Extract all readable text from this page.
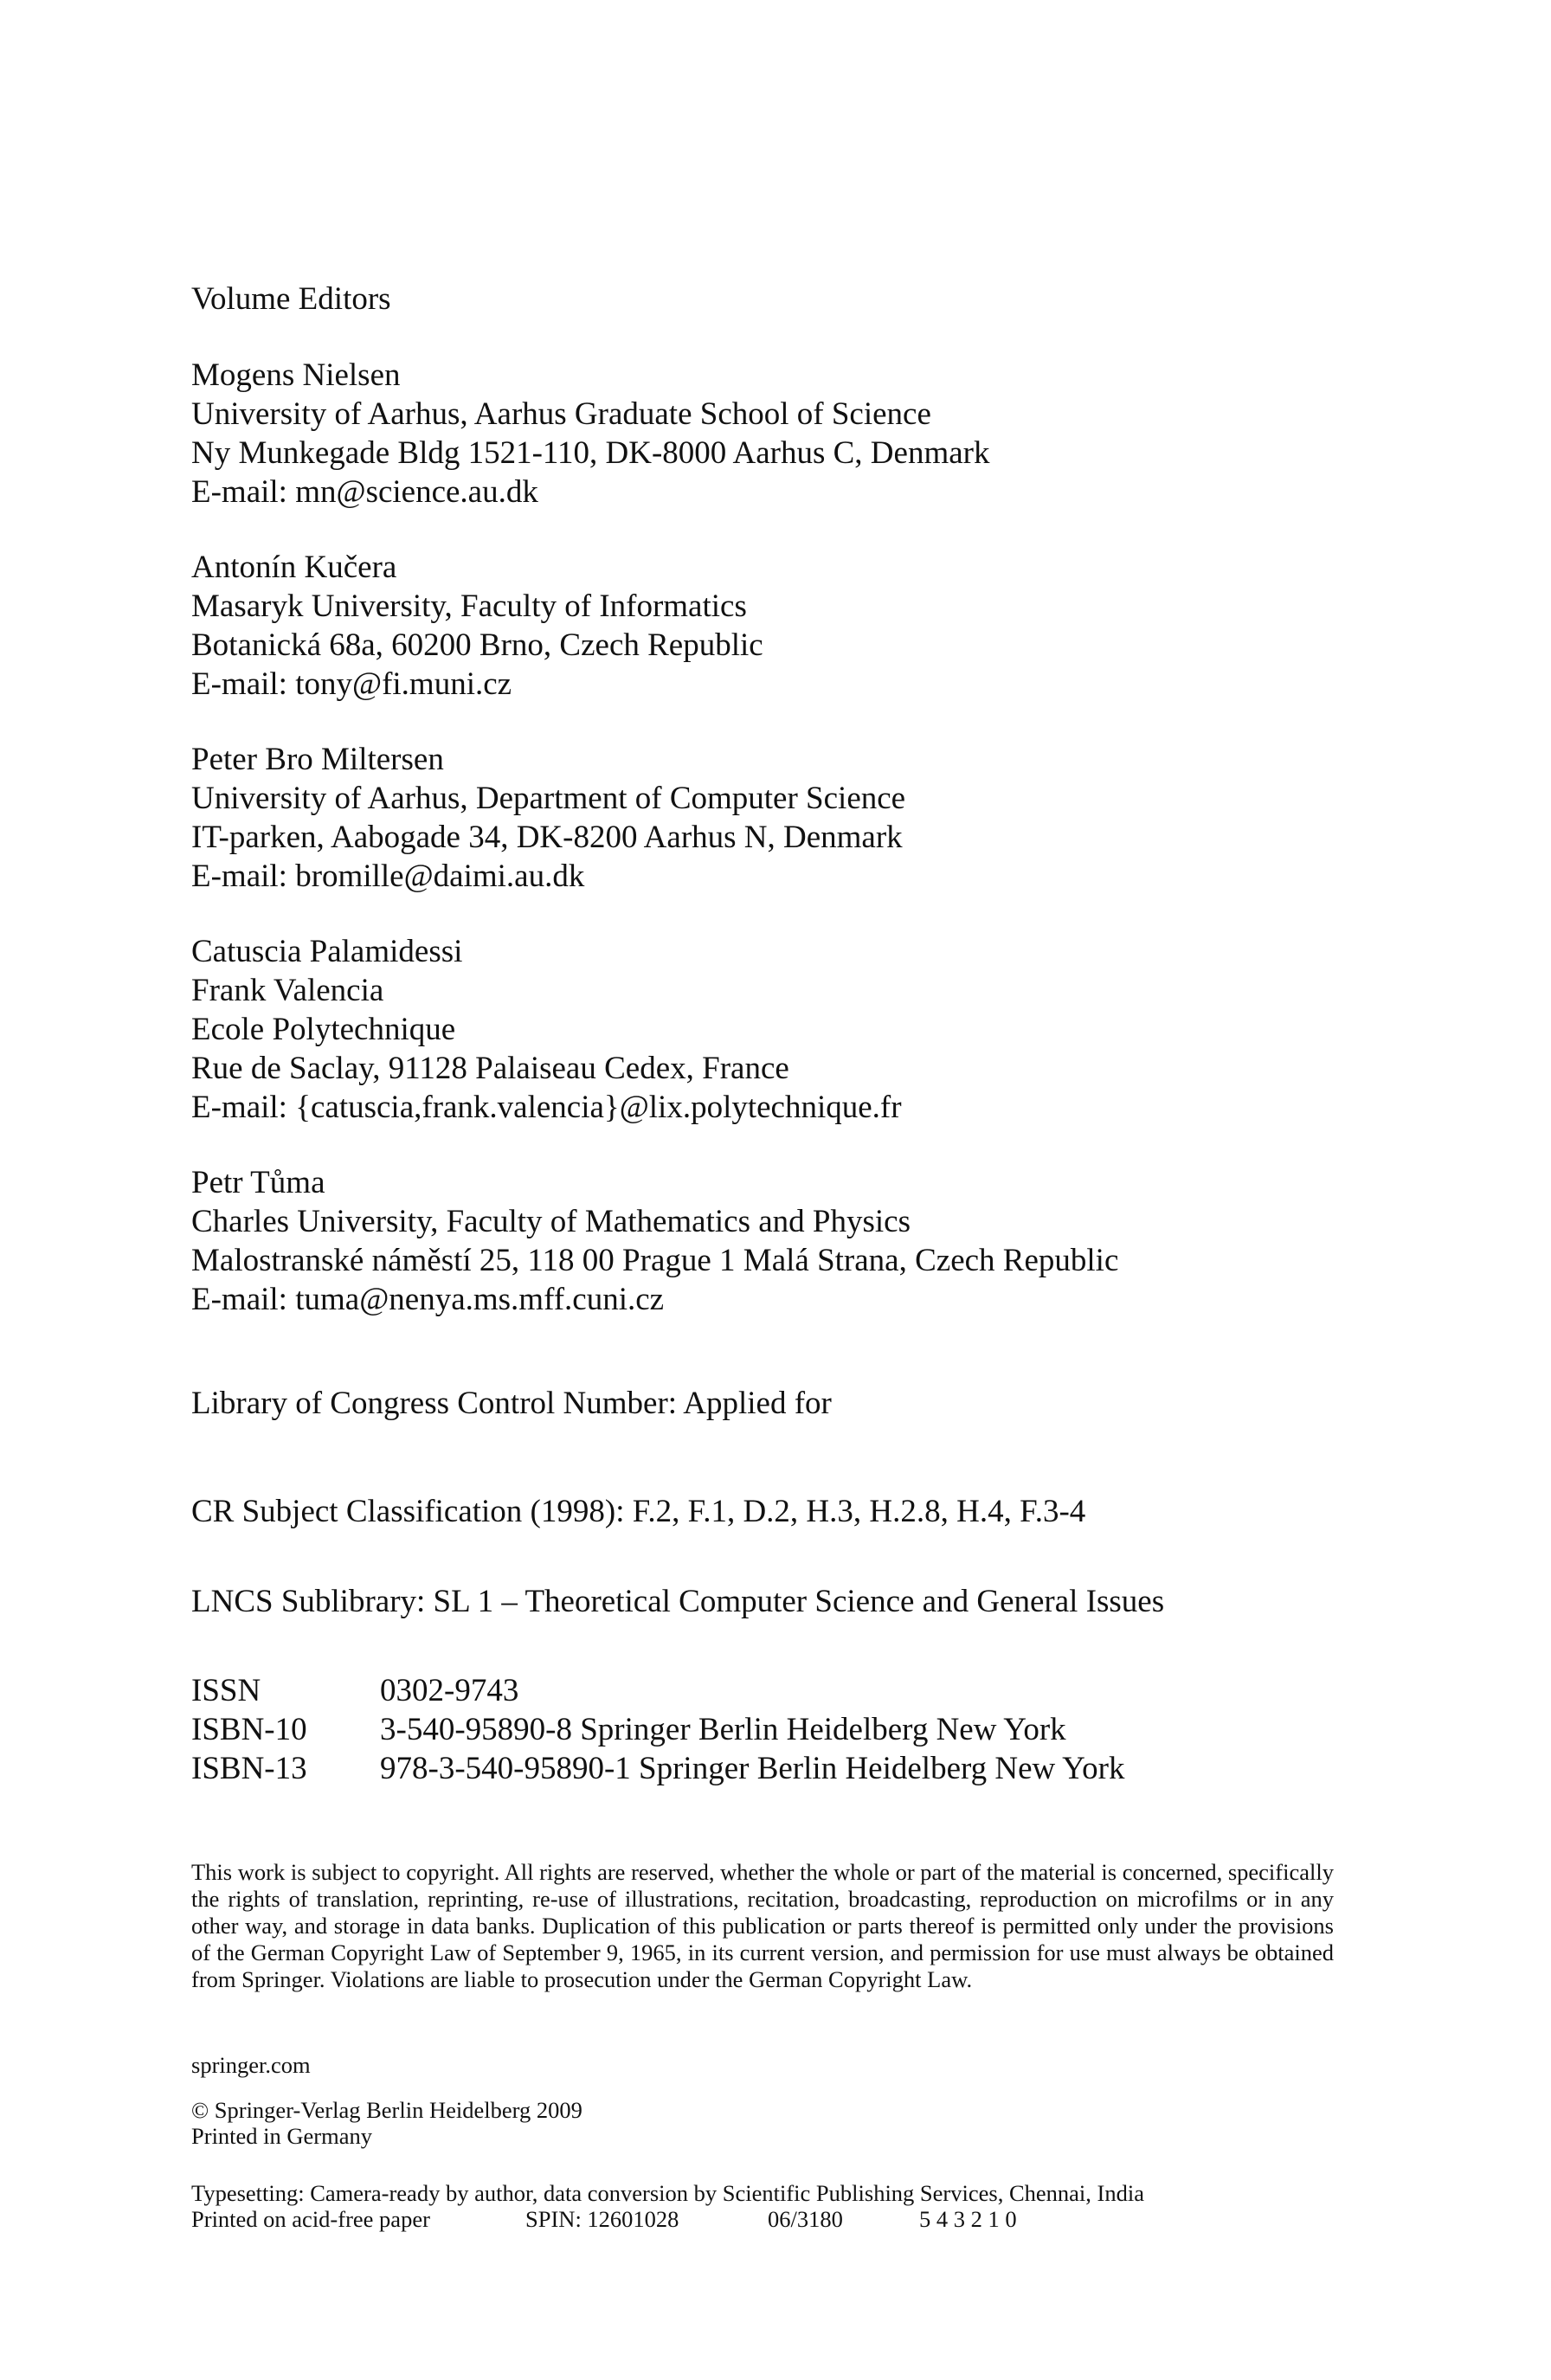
Volume Editors
Mogens Nielsen
University of Aarhus, Aarhus Graduate School of Science
Ny Munkegade Bldg 1521-110, DK-8000 Aarhus C, Denmark
E-mail: mn@science.au.dk
Antonín Kučera
Masaryk University, Faculty of Informatics
Botanická 68a, 60200 Brno, Czech Republic
E-mail: tony@fi.muni.cz
Peter Bro Miltersen
University of Aarhus, Department of Computer Science
IT-parken, Aabogade 34, DK-8200 Aarhus N, Denmark
E-mail: bromille@daimi.au.dk
Catuscia Palamidessi
Frank Valencia
Ecole Polytechnique
Rue de Saclay, 91128 Palaiseau Cedex, France
E-mail: {catuscia,frank.valencia}@lix.polytechnique.fr
Petr Tůma
Charles University, Faculty of Mathematics and Physics
Malostranské náměstí 25, 118 00 Prague 1 Malá Strana, Czech Republic
E-mail: tuma@nenya.ms.mff.cuni.cz
Library of Congress Control Number: Applied for
CR Subject Classification (1998): F.2, F.1, D.2, H.3, H.2.8, H.4, F.3-4
LNCS Sublibrary: SL 1 – Theoretical Computer Science and General Issues
ISSN	0302-9743
ISBN-10 3-540-95890-8 Springer Berlin Heidelberg New York
ISBN-13 978-3-540-95890-1 Springer Berlin Heidelberg New York
This work is subject to copyright. All rights are reserved, whether the whole or part of the material is concerned, specifically the rights of translation, reprinting, re-use of illustrations, recitation, broadcasting, reproduction on microfilms or in any other way, and storage in data banks. Duplication of this publication or parts thereof is permitted only under the provisions of the German Copyright Law of September 9, 1965, in its current version, and permission for use must always be obtained from Springer. Violations are liable to prosecution under the German Copyright Law.
springer.com
© Springer-Verlag Berlin Heidelberg 2009
Printed in Germany
Typesetting: Camera-ready by author, data conversion by Scientific Publishing Services, Chennai, India
Printed on acid-free paper	SPIN: 12601028	06/3180	5 4 3 2 1 0
